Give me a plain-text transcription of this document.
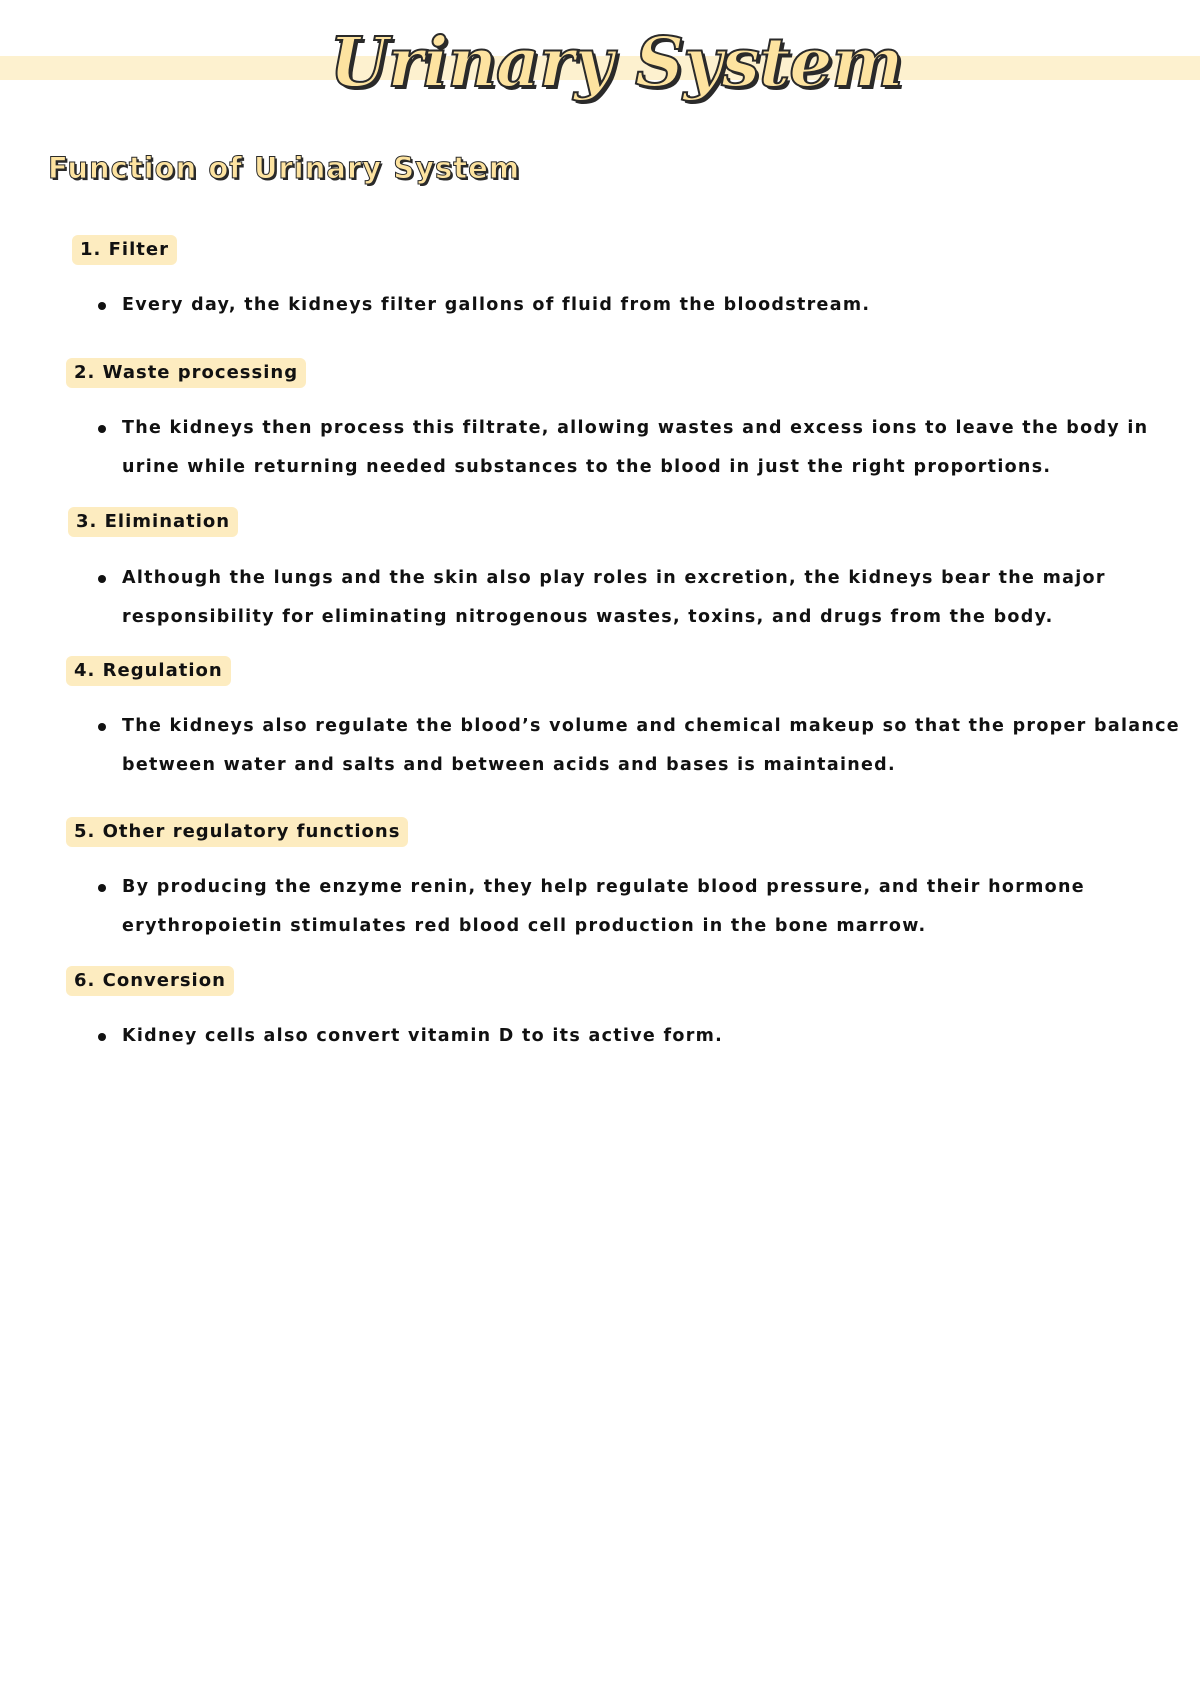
Urinary System
Function of Urinary System
1. Filter
Every day, the kidneys filter gallons of fluid from the bloodstream.
2. Waste processing
The kidneys then process this filtrate, allowing wastes and excess ions to leave the body in urine while returning needed substances to the blood in just the right proportions.
3. Elimination
Although the lungs and the skin also play roles in excretion, the kidneys bear the major responsibility for eliminating nitrogenous wastes, toxins, and drugs from the body.
4. Regulation
The kidneys also regulate the blood’s volume and chemical makeup so that the proper balance between water and salts and between acids and bases is maintained.
5. Other regulatory functions
By producing the enzyme renin, they help regulate blood pressure, and their hormone erythropoietin stimulates red blood cell production in the bone marrow.
6. Conversion
Kidney cells also convert vitamin D to its active form.
